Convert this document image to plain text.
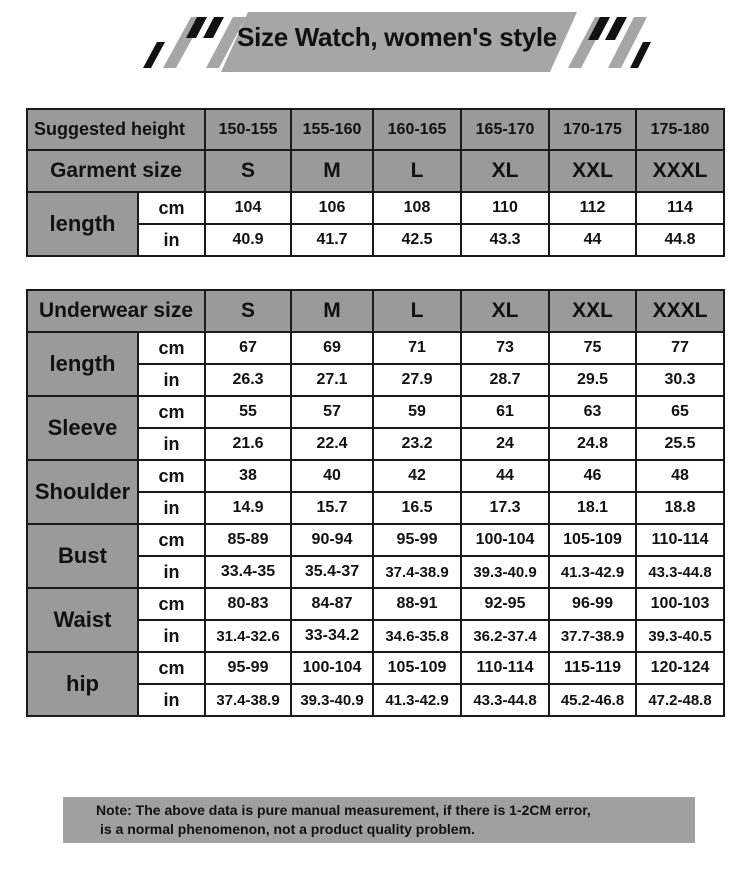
Size Watch, women's style
Suggested height		150-155	155-160	160-165	165-170	170-175	175-180
Garment size		S	M	L	XL	XXL	XXXL
length	cm	104	106	108	110	112	114
	in	40.9	41.7	42.5	43.3	44	44.8
Underwear size		S	M	L	XL	XXL	XXXL
length	cm	67	69	71	73	75	77
	in	26.3	27.1	27.9	28.7	29.5	30.3
Sleeve	cm	55	57	59	61	63	65
	in	21.6	22.4	23.2	24	24.8	25.5
Shoulder	cm	38	40	42	44	46	48
	in	14.9	15.7	16.5	17.3	18.1	18.8
Bust	cm	85-89	90-94	95-99	100-104	105-109	110-114
	in	33.4-35	35.4-37	37.4-38.9	39.3-40.9	41.3-42.9	43.3-44.8
Waist	cm	80-83	84-87	88-91	92-95	96-99	100-103
	in	31.4-32.6	33-34.2	34.6-35.8	36.2-37.4	37.7-38.9	39.3-40.5
hip	cm	95-99	100-104	105-109	110-114	115-119	120-124
	in	37.4-38.9	39.3-40.9	41.3-42.9	43.3-44.8	45.2-46.8	47.2-48.8
Note: The above data is pure manual measurement, if there is 1-2CM error,
is a normal phenomenon, not a product quality problem.
